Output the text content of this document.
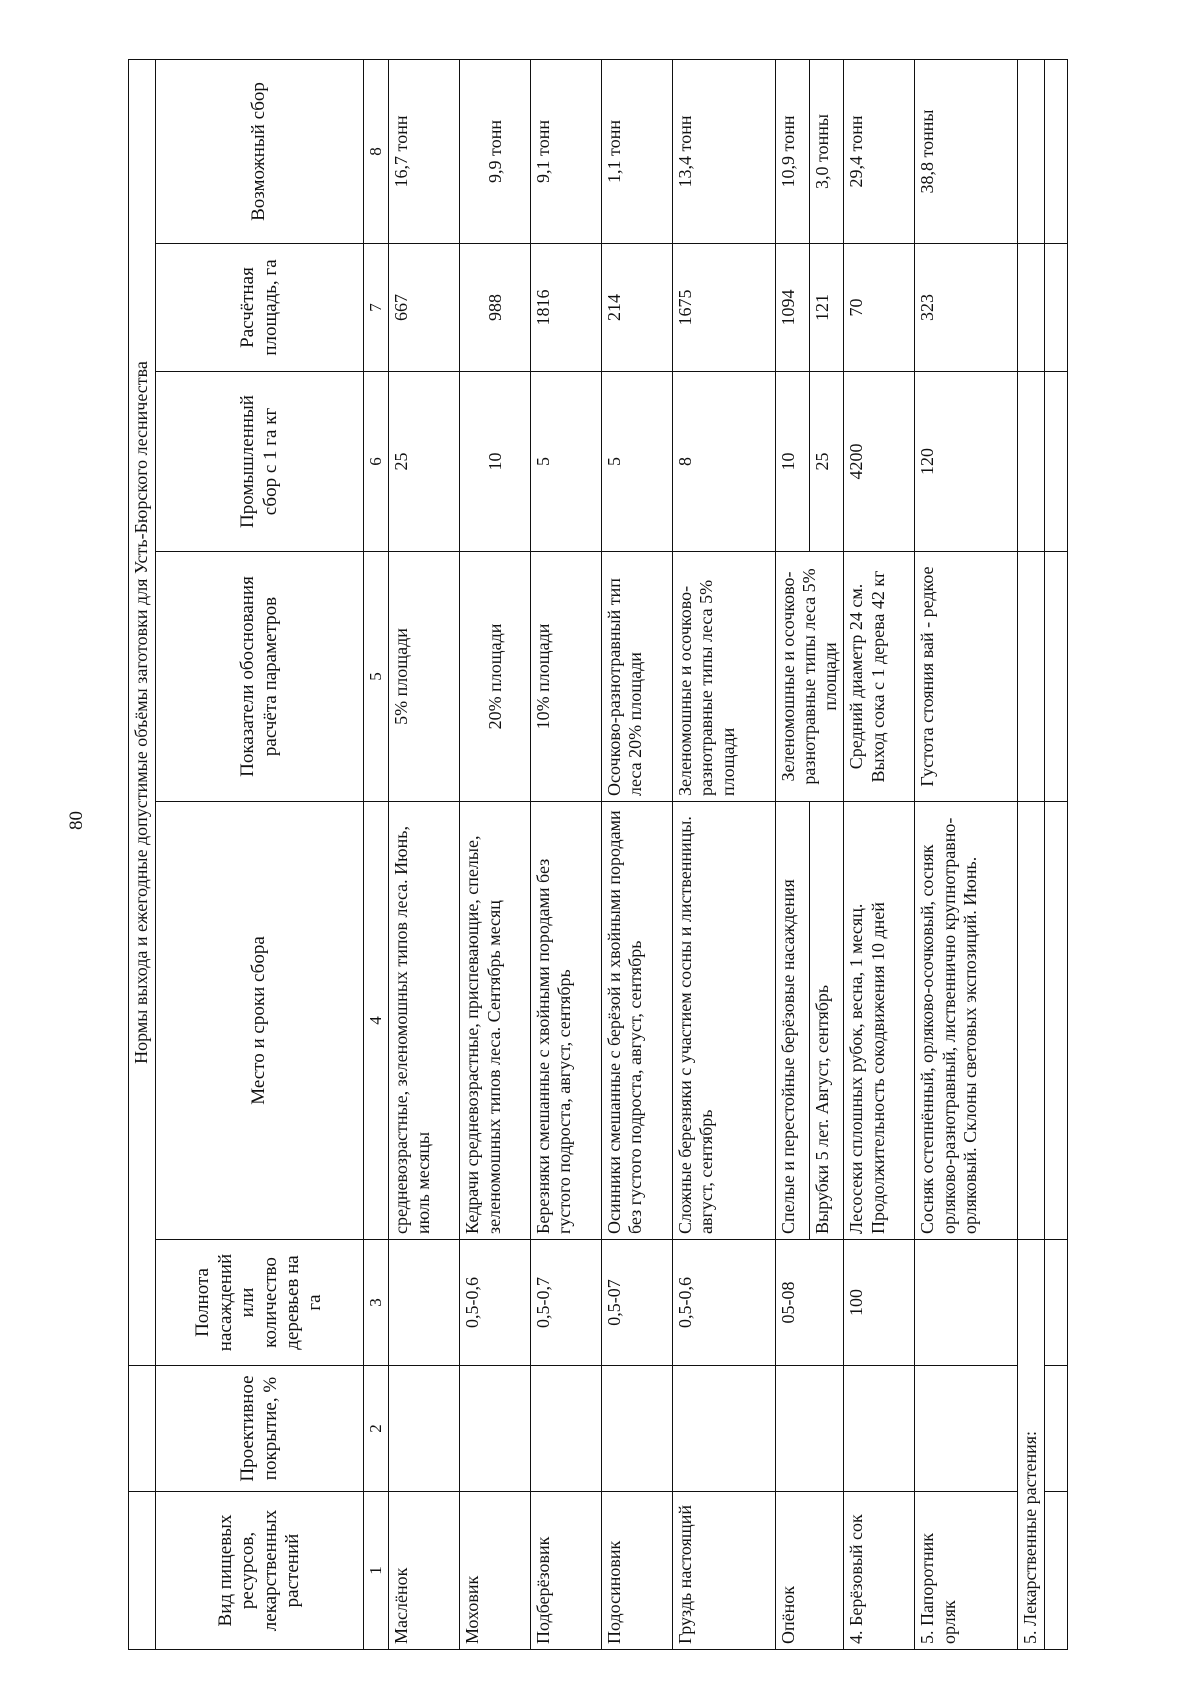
80
		Нормы выхода и ежегодные допустимые объёмы заготовки для Усть-Бюрского лесничества					
Вид пищевых ресурсов, лекарственных растений	Проективное покрытие, %	Полнота насаждений или количество деревьев на га	Место и сроки сбора	Показатели обоснования расчёта параметров	Промышленный сбор с 1 га кг	Расчётная площадь, га	Возможный сбор
1	2	3	4	5	6	7	8
Маслёнок			средневозрастные, зеленомошных типов леса. Июнь, июль месяцы	5% площади	25	667	16,7 тонн
Моховик		0,5-0,6	Кедрачи средневозрастные, приспевающие, спелые, зеленомошных типов леса. Сентябрь месяц	20% площади	10	988	9,9 тонн
Подберёзовик		0,5-0,7	Березняки смешанные с хвойными породами без густого подроста, август, сентябрь	10% площади	5	1816	9,1 тонн
Подосиновик		0,5-07	Осинники смешанные с берёзой и хвойными породами без густого подроста, август, сентябрь	Осочково-разнотравный тип леса 20% площади	5	214	1,1 тонн
Груздь настоящий		0,5-0,6	Сложные березняки с участием сосны и лиственницы. август, сентябрь	Зеленомошные и осочково-разнотравные типы леса 5% площади	8	1675	13,4 тонн
Опёнок		05-08	Спелые и перестойные берёзовые насаждения	Зеленомошные и осочково-разнотравные типы леса 5% площади	10	1094	10,9 тонн
			Вырубки 5 лет. Август, сентябрь		25	121	3,0 тонны
4. Берёзовый сок		100	Лесосеки сплошных рубок, весна, 1 месяц. Продолжительность сокодвижения 10 дней	Средний диаметр 24 см. Выход сока с 1 дерева 42 кг	4200	70	29,4 тонн
5. Папоротник орляк			Сосняк остепнённый, орляково-осочковый, сосняк орляково-разнотравный, лиственнично крупнотравно-орляковый. Склоны световых экспозиций. Июнь.	Густота стояния вай - редкое	120	323	38,8 тонны
5. Лекарственные растения:							
